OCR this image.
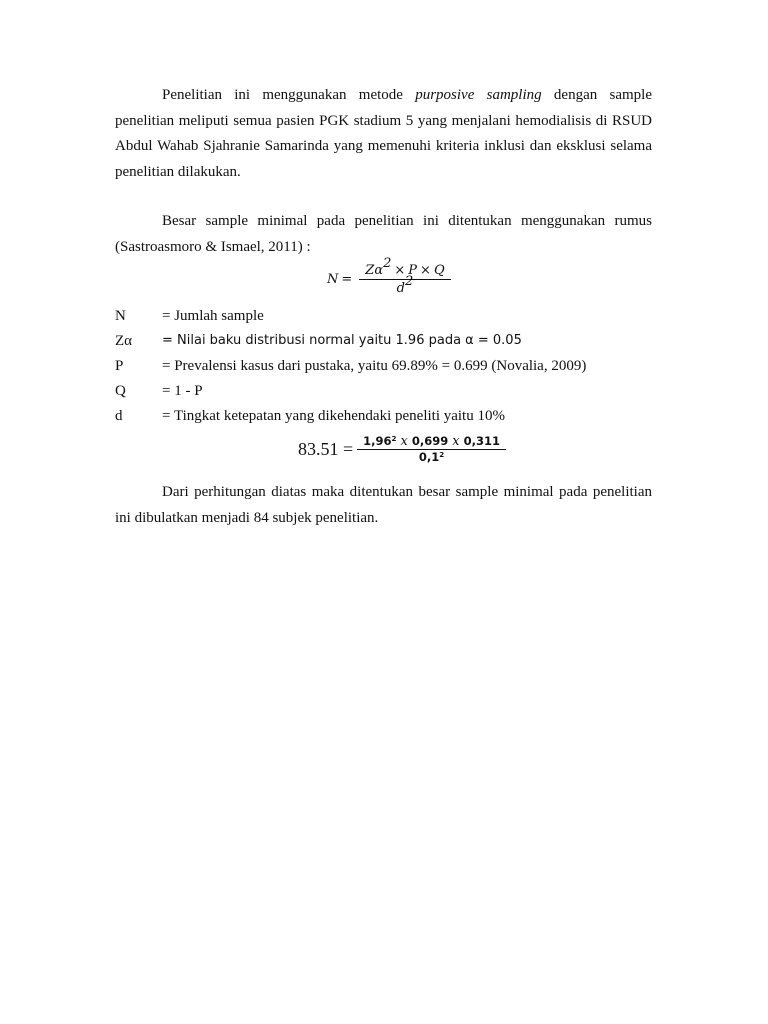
Penelitian ini menggunakan metode purposive sampling dengan sample penelitian meliputi semua pasien PGK stadium 5 yang menjalani hemodialisis di RSUD Abdul Wahab Sjahranie Samarinda yang memenuhi kriteria inklusi dan eksklusi selama penelitian dilakukan.

Besar sample minimal pada penelitian ini ditentukan menggunakan rumus (Sastroasmoro & Ismael, 2011) :

$N = \frac{Z\alpha^2 \times P \times Q}{d^2}$
N = Jumlah sample
Zα = Nilai baku distribusi normal yaitu 1.96 pada α = 0.05
P	= Prevalensi kasus dari pustaka, yaitu 69.89% = 0.699 (Novalia, 2009)
Q = 1 - P
d	= Tingkat ketepatan yang dikehendaki peneliti yaitu 10%
$83.51 = \frac{1,96^2 x 0,699 x 0,311}{0,1^2}$

Dari perhitungan diatas maka ditentukan besar sample minimal pada penelitian ini dibulatkan menjadi 84 subjek penelitian.
